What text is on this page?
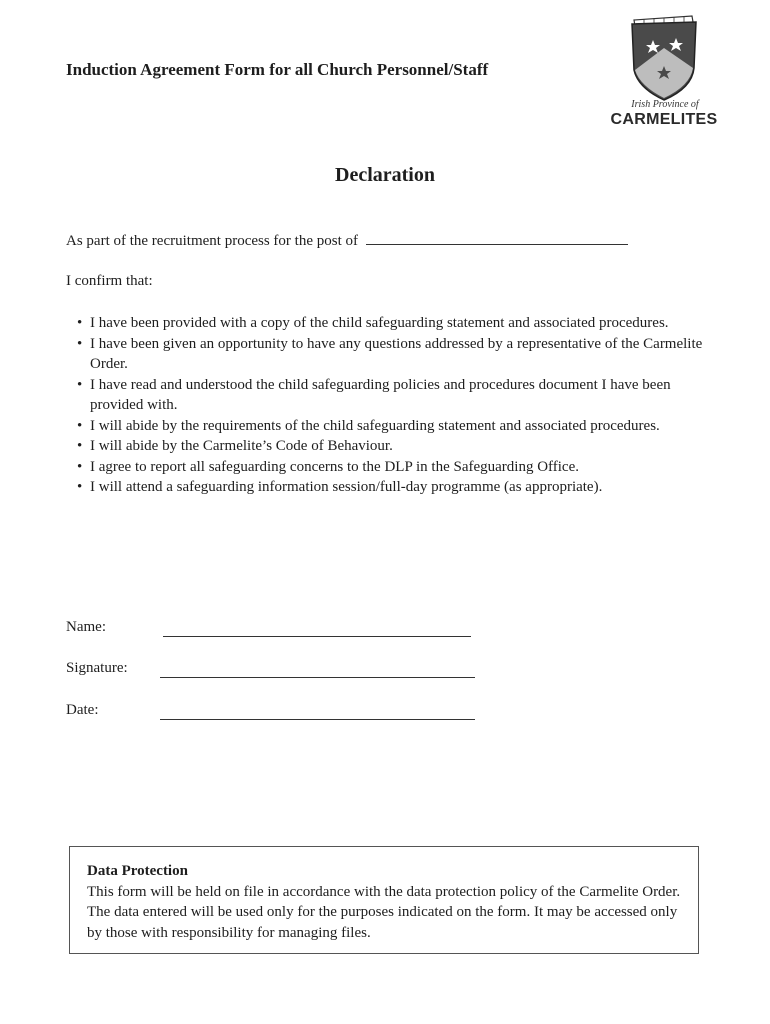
Induction Agreement Form for all Church Personnel/Staff
Irish Province of
CARMELITES
Declaration
As part of the recruitment process for the post of
I confirm that:
• I have been provided with a copy of the child safeguarding statement and associated procedures.
• I have been given an opportunity to have any questions addressed by a representative of the Carmelite Order.
• I have read and understood the child safeguarding policies and procedures document I have been provided with.
• I will abide by the requirements of the child safeguarding statement and associated procedures.
• I will abide by the Carmelite’s Code of Behaviour.
• I agree to report all safeguarding concerns to the DLP in the Safeguarding Office.
• I will attend a safeguarding information session/full-day programme (as appropriate).
Name:
Signature:
Date:
Data Protection
This form will be held on file in accordance with the data protection policy of the Carmelite Order. The data entered will be used only for the purposes indicated on the form. It may be accessed only by those with responsibility for managing files.
